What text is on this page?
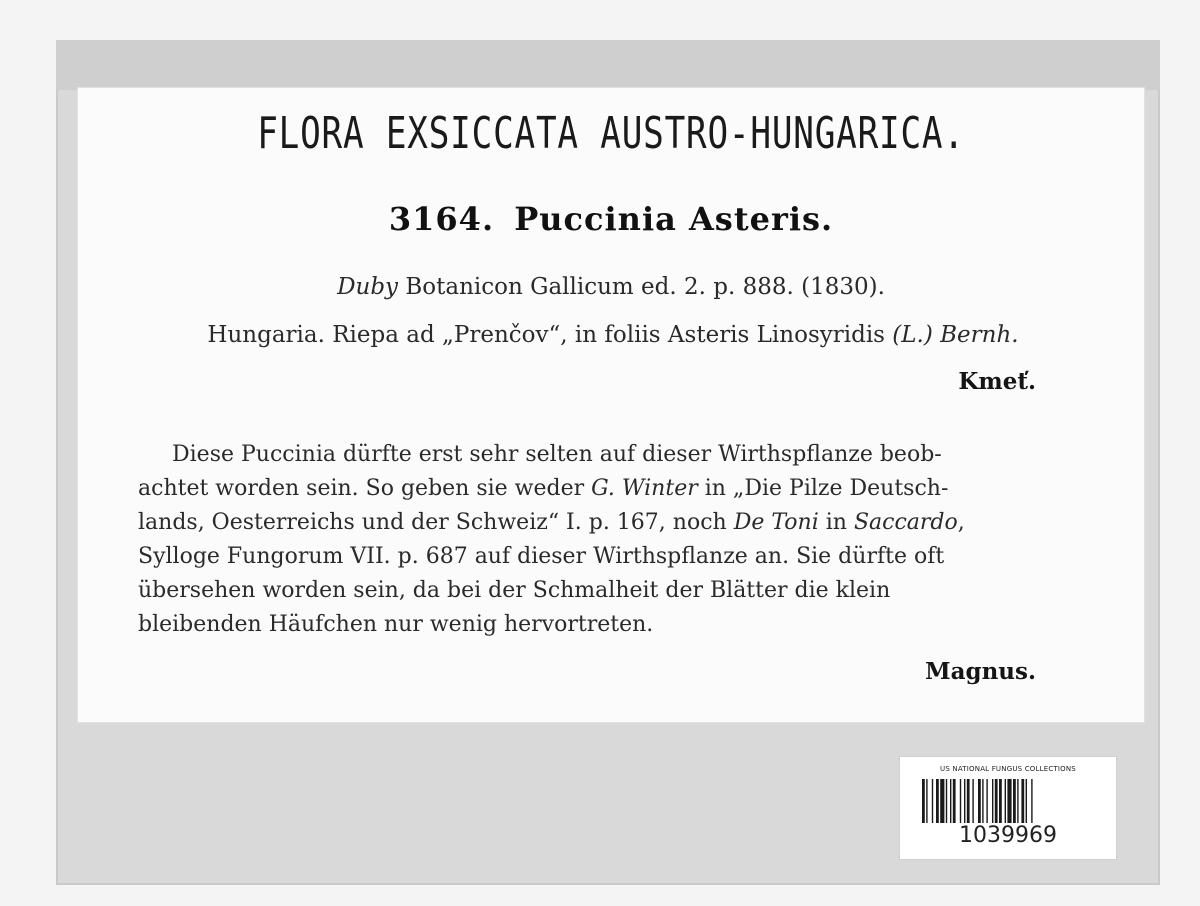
FLORA EXSICCATA AUSTRO-HUNGARICA.
3164. Puccinia Asteris.
Duby Botanicon Gallicum ed. 2. p. 888. (1830).
Hungaria. Riepa ad „Prenčov“, in foliis Asteris Linosyridis (L.) Bernh.
Kmeť.
Diese Puccinia dürfte erst sehr selten auf dieser Wirthspflanze beob-
achtet worden sein. So geben sie weder G. Winter in „Die Pilze Deutsch-
lands, Oesterreichs und der Schweiz“ I. p. 167, noch De Toni in Saccardo,
Sylloge Fungorum VII. p. 687 auf dieser Wirthspflanze an. Sie dürfte oft
übersehen worden sein, da bei der Schmalheit der Blätter die klein
bleibenden Häufchen nur wenig hervortreten.
Magnus.
US NATIONAL FUNGUS COLLECTIONS
1039969
